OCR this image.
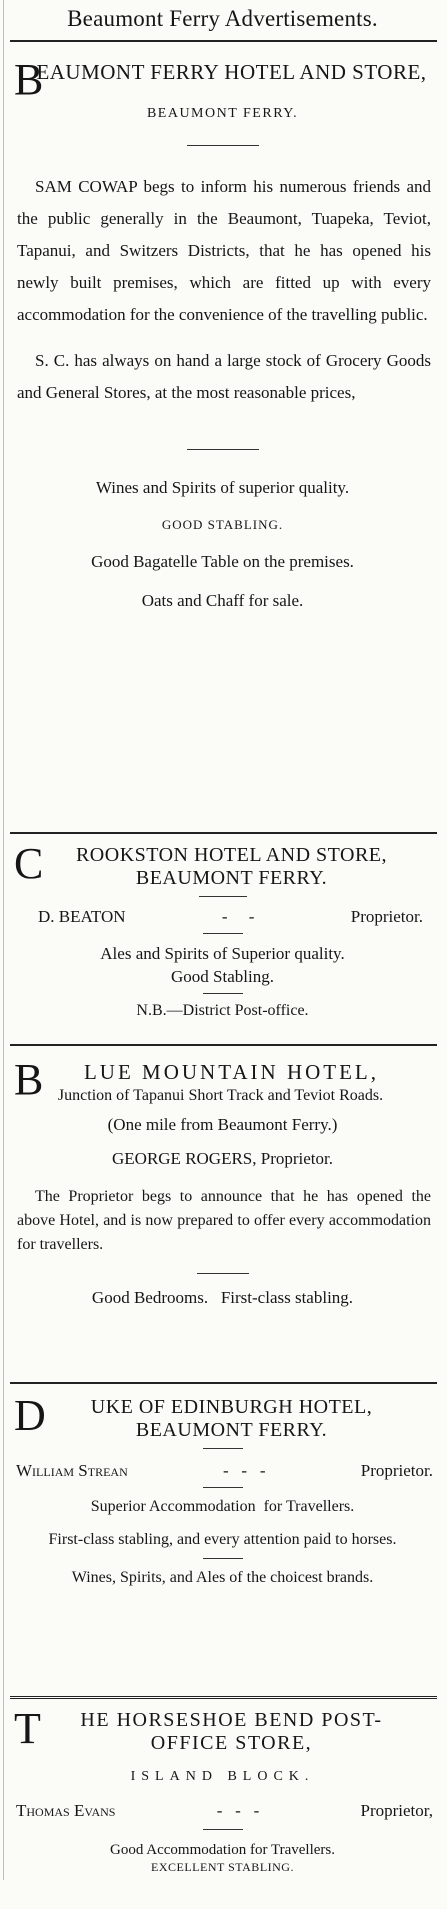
Beaumont Ferry Advertisements.
B
EAUMONT FERRY HOTEL AND STORE,
BEAUMONT FERRY.

SAM COWAP begs to inform his numerous friends and the public generally in the Beaumont, Tuapeka, Teviot, Tapanui, and Switzers Districts, that he has opened his newly built premises, which are fitted up with every accommodation for the convenience of the travelling public.

S. C. has always on hand a large stock of Grocery Goods and General Stores, at the most reasonable prices,

Wines and Spirits of superior quality.
GOOD STABLING.
Good Bagatelle Table on the premises.
Oats and Chaff for sale.
C	ROOKSTON HOTEL AND STORE,
BEAUMONT FERRY.
D. BEATON	-     -	Proprietor.
Ales and Spirits of Superior quality.
Good Stabling.
N.B.—District Post-office.
B	LUE MOUNTAIN HOTEL,
Junction of Tapanui Short Track and Teviot Roads.
(One mile from Beaumont Ferry.)
GEORGE ROGERS, Proprietor.

The Proprietor begs to announce that he has opened the above Hotel, and is now prepared to offer every accommodation for travellers.

Good Bedrooms.   First-class stabling.
D	UKE OF EDINBURGH HOTEL,
BEAUMONT FERRY.
William Strean	-   -   -	Proprietor.
Superior Accommodation  for Travellers.
First-class stabling, and every attention paid to horses.
Wines, Spirits, and Ales of the choicest brands.
T	HE HORSESHOE BEND POST-
OFFICE STORE,
ISLAND BLOCK.
Thomas Evans	-   -   -	Proprietor,
Good Accommodation for Travellers.
EXCELLENT STABLING.
